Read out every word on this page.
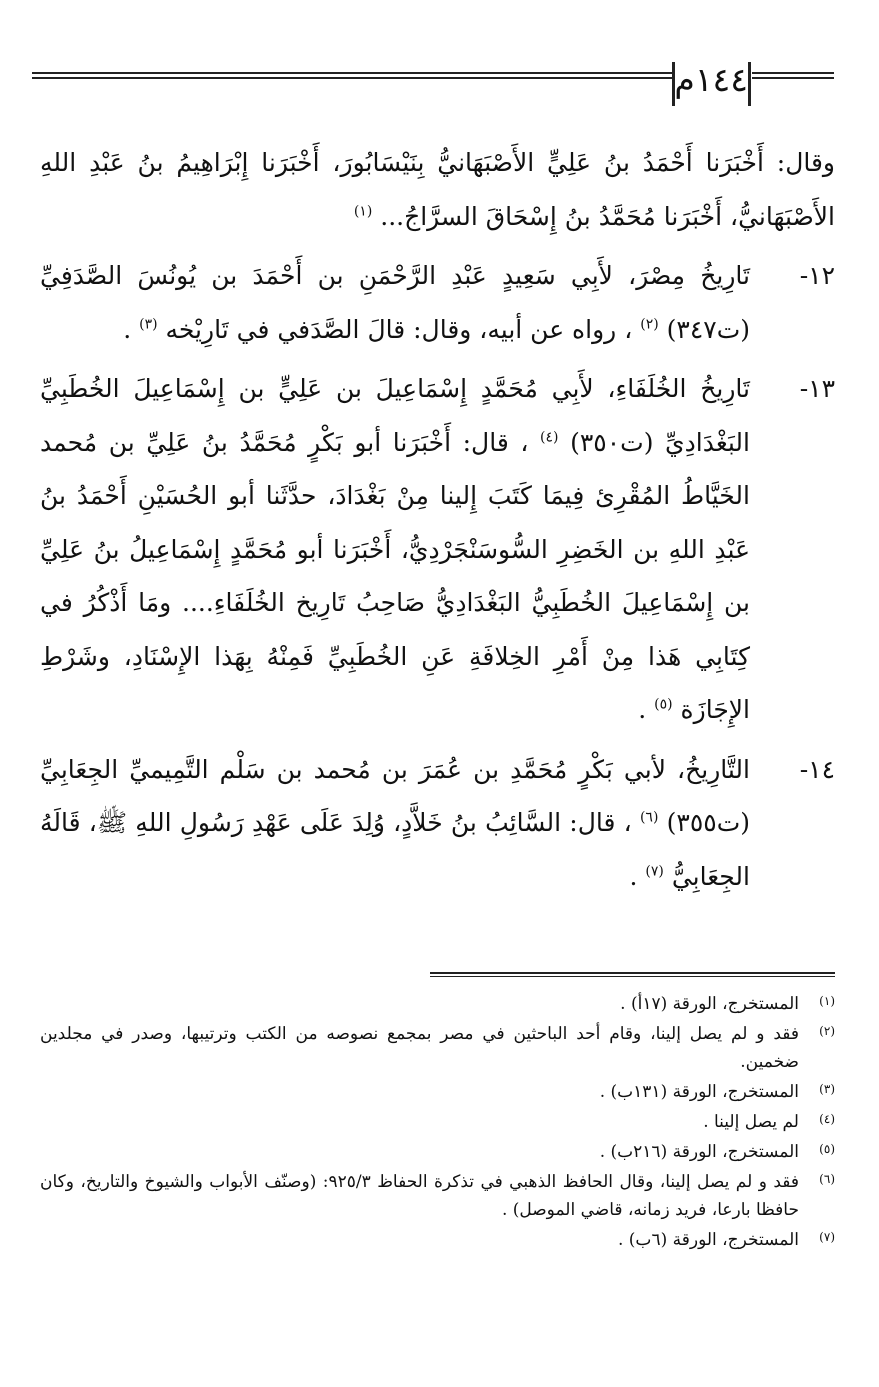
١٤٤م

وقال: أَخْبَرَنا أَحْمَدُ بنُ عَلِيٍّ الأَصْبَهَانيُّ بِنَيْسَابُورَ، أَخْبَرَنا إِبْرَاهِيمُ بنُ عَبْدِ اللهِ الأَصْبَهَانيُّ، أَخْبَرَنا مُحَمَّدُ بنُ إِسْحَاقَ السرَّاجُ... $^{(١)}$

١٢-
تَارِيخُ مِصْرَ، لأَبِي سَعِيدٍ عَبْدِ الرَّحْمَنِ بن أَحْمَدَ بن يُونُسَ الصَّدَفِيِّ (ت٣٤٧) $^{(٢)}$ ، رواه عن أبيه، وقال: قالَ الصَّدَفي في تَارِيْخه $^{(٣)}$ .

١٣-
تَارِيخُ الخُلَفَاءِ، لأَبِي مُحَمَّدٍ إِسْمَاعِيلَ بن عَلِيٍّ بن إِسْمَاعِيلَ الخُطَبِيِّ البَغْدَادِيِّ (ت٣٥٠) $^{(٤)}$ ، قال: أَخْبَرَنا أبو بَكْرٍ مُحَمَّدُ بنُ عَلِيِّ بن مُحمد الخَيَّاطُ المُقْرِئ فِيمَا كَتَبَ إِلينا مِنْ بَغْدَادَ، حدَّثَنا أبو الحُسَيْنِ أَحْمَدُ بنُ عَبْدِ اللهِ بن الخَضِرِ السُّوسَنْجَرْدِيُّ، أَخْبَرَنا أبو مُحَمَّدٍ إِسْمَاعِيلُ بنُ عَلِيِّ بن إِسْمَاعِيلَ الخُطَبِيُّ البَغْدَادِيُّ صَاحِبُ تَارِيخ الخُلَفَاءِ.... ومَا أَذْكُرُ في كِتَابِي هَذا مِنْ أَمْرِ الخِلافَةِ عَنِ الخُطَبِيِّ فَمِنْهُ بِهَذا الإِسْنَادِ، وشَرْطِ الإِجَازَة $^{(٥)}$ .

١٤-
التَّارِيخُ، لأبي بَكْرٍ مُحَمَّدِ بن عُمَرَ بن مُحمد بن سَلْم التَّمِيميِّ الجِعَابِيِّ (ت٣٥٥) $^{(٦)}$ ، قال: السَّائِبُ بنُ خَلاَّدٍ، وُلِدَ عَلَى عَهْدِ رَسُولِ اللهِ ﷺ، قَالَهُ الجِعَابِيُّ $^{(٧)}$ .

(١)
المستخرج، الورقة (١٧أ) .

(٢)
فقد و لم يصل إلينا، وقام أحد الباحثين في مصر بمجمع نصوصه من الكتب وترتيبها، وصدر في مجلدين ضخمين.

(٣)
المستخرج، الورقة (١٣١ب) .

(٤)
لم يصل إلينا .

(٥)
المستخرج، الورقة (٢١٦ب) .

(٦)
فقد و لم يصل إلينا، وقال الحافظ الذهبي في تذكرة الحفاظ ٩٢٥/٣: (وصنّف الأبواب والشيوخ والتاريخ، وكان حافظا بارعا، فريد زمانه، قاضي الموصل) .

(٧)
المستخرج، الورقة (٦ب) .
